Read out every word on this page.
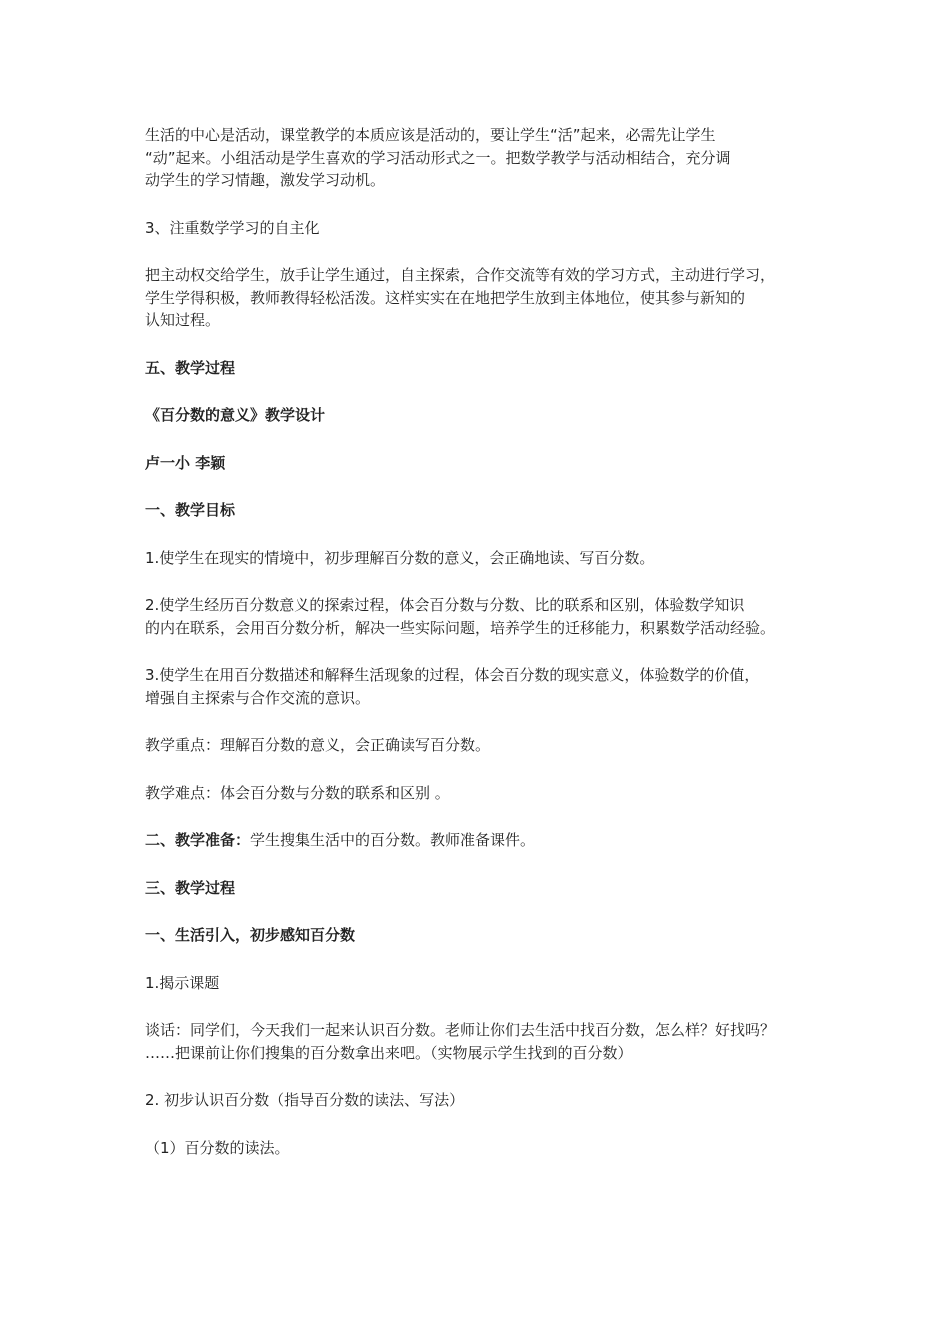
生活的中心是活动，课堂教学的本质应该是活动的，要让学生“活”起来，必需先让学生
“动”起来。小组活动是学生喜欢的学习活动形式之一。把数学教学与活动相结合，充分调
动学生的学习情趣，激发学习动机。

3、注重数学学习的自主化

把主动权交给学生，放手让学生通过，自主探索，合作交流等有效的学习方式，主动进行学习，
学生学得积极，教师教得轻松活泼。这样实实在在地把学生放到主体地位，使其参与新知的
认知过程。

五、教学过程

《百分数的意义》教学设计

卢一小 李颖

一、教学目标

1.使学生在现实的情境中，初步理解百分数的意义，会正确地读、写百分数。

2.使学生经历百分数意义的探索过程，体会百分数与分数、比的联系和区别，体验数学知识
的内在联系，会用百分数分析，解决一些实际问题，培养学生的迁移能力，积累数学活动经验。

3.使学生在用百分数描述和解释生活现象的过程，体会百分数的现实意义，体验数学的价值，
增强自主探索与合作交流的意识。

教学重点：理解百分数的意义，会正确读写百分数。

教学难点：体会百分数与分数的联系和区别 。

二、教学准备：学生搜集生活中的百分数。教师准备课件。

三、教学过程

一、生活引入，初步感知百分数

1.揭示课题

谈话：同学们，今天我们一起来认识百分数。老师让你们去生活中找百分数，怎么样？好找吗？
……把课前让你们搜集的百分数拿出来吧。（实物展示学生找到的百分数）

2. 初步认识百分数（指导百分数的读法、写法）

（1）百分数的读法。
